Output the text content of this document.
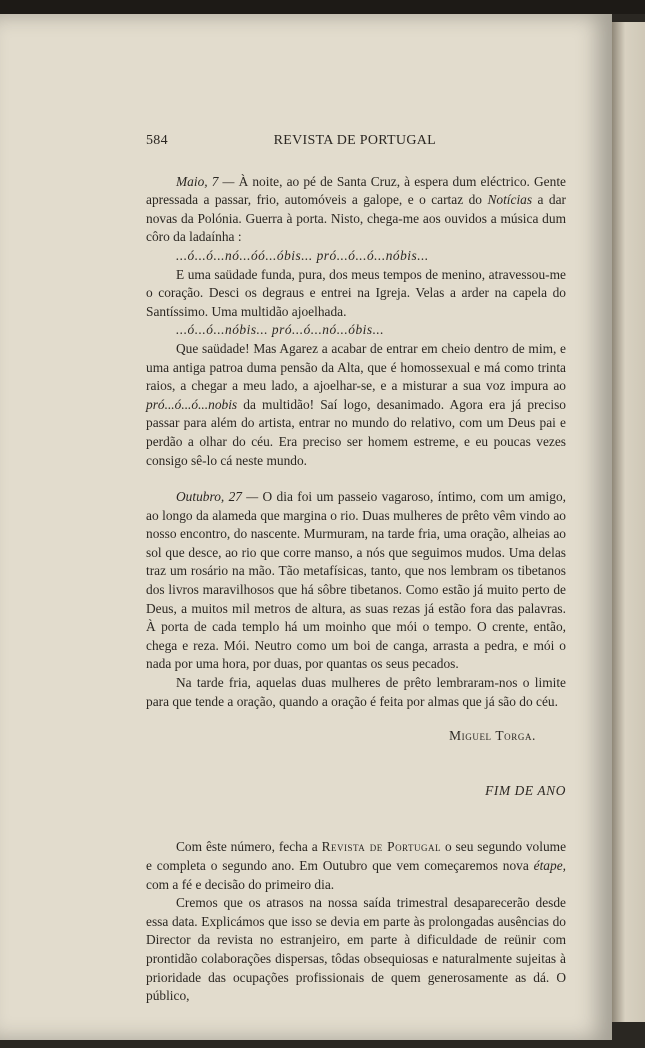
584	REVISTA DE PORTUGAL

Maio, 7 — À noite, ao pé de Santa Cruz, à espera dum eléctrico. Gente apressada a passar, frio, automóveis a galope, e o cartaz do Notícias a dar novas da Polónia. Guerra à porta. Nisto, chega-me aos ouvidos a música dum côro da ladaínha :

...ó...ó...nó...óó...óbis... pró...ó...ó...nóbis...

E uma saüdade funda, pura, dos meus tempos de menino, atravessou-me o coração. Desci os degraus e entrei na Igreja. Velas a arder na capela do Santíssimo. Uma multidão ajoelhada.

...ó...ó...nóbis... pró...ó...nó...óbis...

Que saüdade! Mas Agarez a acabar de entrar em cheio dentro de mim, e uma antiga patroa duma pensão da Alta, que é homossexual e má como trinta raios, a chegar a meu lado, a ajoelhar-se, e a misturar a sua voz impura ao pró...ó...ó...nobis da multidão! Saí logo, desanimado. Agora era já preciso passar para além do artista, entrar no mundo do relativo, com um Deus pai e perdão a olhar do céu. Era preciso ser homem estreme, e eu poucas vezes consigo sê-lo cá neste mundo.

Outubro, 27 — O dia foi um passeio vagaroso, íntimo, com um amigo, ao longo da alameda que margina o rio. Duas mulheres de prêto vêm vindo ao nosso encontro, do nascente. Murmuram, na tarde fria, uma oração, alheias ao sol que desce, ao rio que corre manso, a nós que seguimos mudos. Uma delas traz um rosário na mão. Tão metafísicas, tanto, que nos lembram os tibetanos dos livros maravilhosos que há sôbre tibetanos. Como estão já muito perto de Deus, a muitos mil metros de altura, as suas rezas já estão fora das palavras. À porta de cada templo há um moinho que mói o tempo. O crente, então, chega e reza. Mói. Neutro como um boi de canga, arrasta a pedra, e mói o nada por uma hora, por duas, por quantas os seus pecados.

Na tarde fria, aquelas duas mulheres de prêto lembraram-nos o limite para que tende a oração, quando a oração é feita por almas que já são do céu.

Miguel Torga.
FIM DE ANO

Com êste número, fecha a Revista de Portugal o seu segundo volume e completa o segundo ano. Em Outubro que vem começaremos nova étape, com a fé e decisão do primeiro dia.

Cremos que os atrasos na nossa saída trimestral desaparecerão desde essa data. Explicámos que isso se devia em parte às prolongadas ausências do Director da revista no estranjeiro, em parte à dificuldade de reünir com prontidão colaborações dispersas, tôdas obsequiosas e naturalmente sujeitas à prioridade das ocupações profissionais de quem generosamente as dá. O público,
